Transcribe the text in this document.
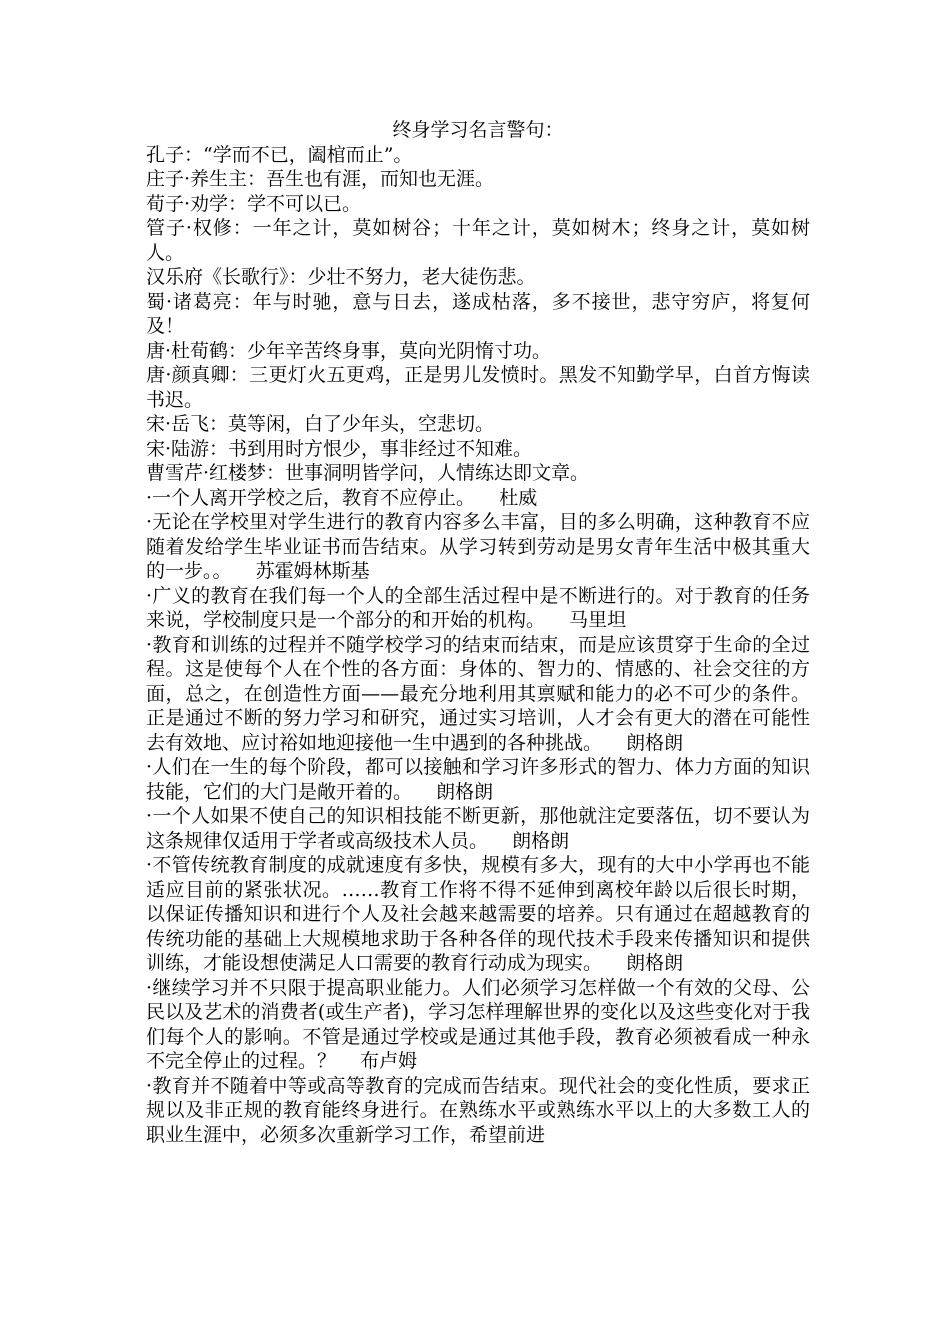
终身学习名言警句：
孔子：“学而不已，阖棺而止”。
庄子·养生主：吾生也有涯，而知也无涯。
荀子·劝学：学不可以已。
管子·权修：一年之计，莫如树谷；十年之计，莫如树木；终身之计，莫如树人。
汉乐府《长歌行》：少壮不努力，老大徒伤悲。
蜀·诸葛亮：年与时驰，意与日去，遂成枯落，多不接世，悲守穷庐，将复何及！
唐·杜荀鹤：少年辛苦终身事，莫向光阴惰寸功。
唐·颜真卿：三更灯火五更鸡，正是男儿发愤时。黑发不知勤学早，白首方悔读书迟。
宋·岳飞：莫等闲，白了少年头，空悲切。
宋·陆游：书到用时方恨少，事非经过不知难。
曹雪芹·红楼梦：世事洞明皆学问，人情练达即文章。
·一个人离开学校之后，教育不应停止。    杜威
·无论在学校里对学生进行的教育内容多么丰富，目的多么明确，这种教育不应随着发给学生毕业证书而告结束。从学习转到劳动是男女青年生活中极其重大的一步。。    苏霍姆林斯基
·广义的教育在我们每一个人的全部生活过程中是不断进行的。对于教育的任务来说，学校制度只是一个部分的和开始的机构。    马里坦
·教育和训练的过程并不随学校学习的结束而结束，而是应该贯穿于生命的全过程。这是使每个人在个性的各方面：身体的、智力的、情感的、社会交往的方面，总之，在创造性方面——最充分地利用其禀赋和能力的必不可少的条件。正是通过不断的努力学习和研究，通过实习培训，人才会有更大的潜在可能性去有效地、应讨裕如地迎接他一生中遇到的各种挑战。    朗格朗
·人们在一生的每个阶段，都可以接触和学习许多形式的智力、体力方面的知识技能，它们的大门是敞开着的。    朗格朗
·一个人如果不使自己的知识相技能不断更新，那他就注定要落伍，切不要认为这条规律仅适用于学者或高级技术人员。    朗格朗
·不管传统教育制度的成就速度有多快，规模有多大，现有的大中小学再也不能适应目前的紧张状况。……教育工作将不得不延伸到离校年龄以后很长时期，以保证传播知识和进行个人及社会越来越需要的培养。只有通过在超越教育的传统功能的基础上大规模地求助于各种各佯的现代技术手段来传播知识和提供训练，才能设想使满足人口需要的教育行动成为现实。    朗格朗
·继续学习并不只限于提高职业能力。人们必须学习怎样做一个有效的父母、公民以及艺术的消费者(或生产者)，学习怎样理解世界的变化以及这些变化对于我们每个人的影响。不管是通过学校或是通过其他手段，教育必须被看成一种永不完全停止的过程。？    布卢姆
·教育并不随着中等或高等教育的完成而告结束。现代社会的变化性质，要求正规以及非正规的教育能终身进行。在熟练水平或熟练水平以上的大多数工人的职业生涯中，必须多次重新学习工作，希望前进
